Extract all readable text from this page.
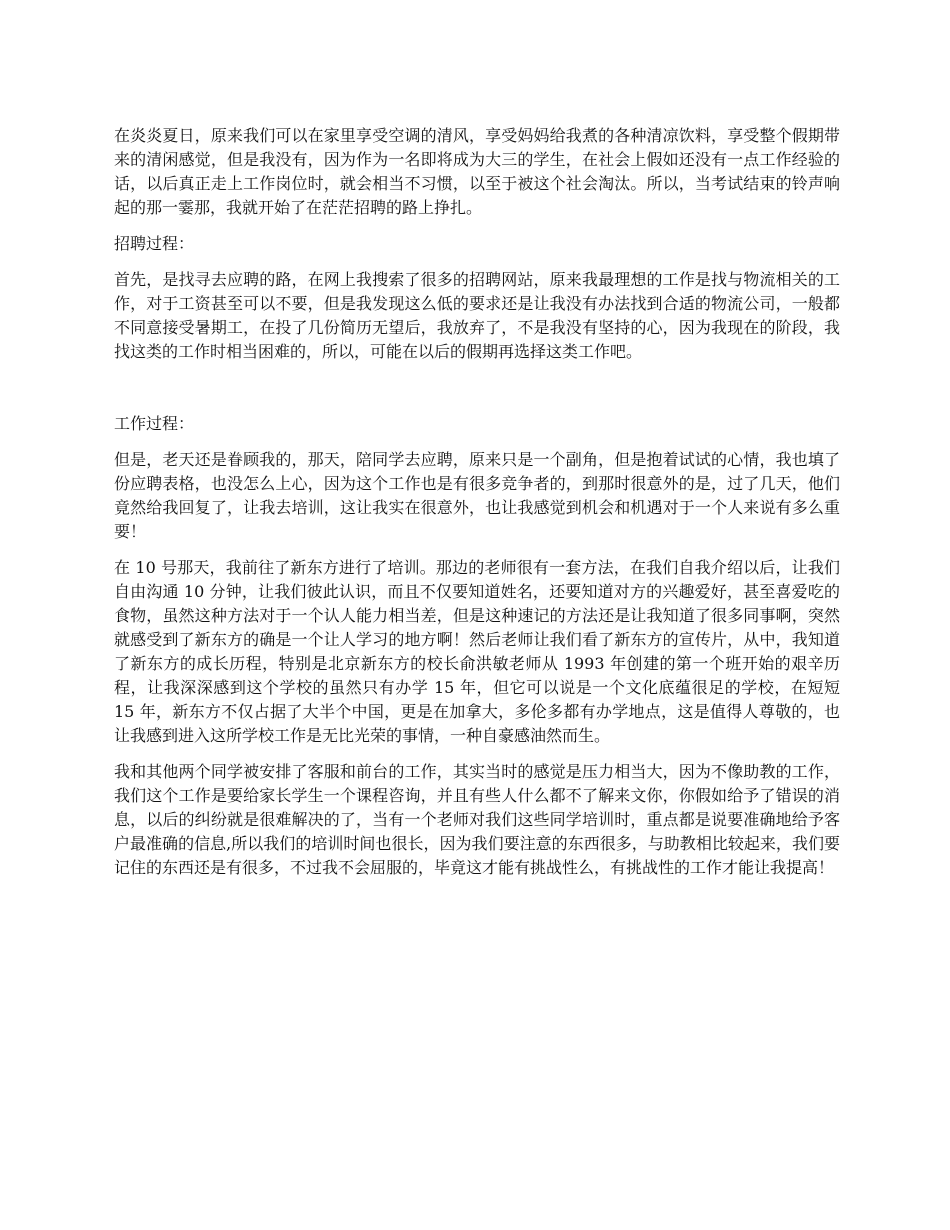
在炎炎夏日，原来我们可以在家里享受空调的清风，享受妈妈给我煮的各种清凉饮料，享受整个假期带来的清闲感觉，但是我没有，因为作为一名即将成为大三的学生，在社会上假如还没有一点工作经验的话，以后真正走上工作岗位时，就会相当不习惯，以至于被这个社会淘汰。所以，当考试结束的铃声响起的那一霎那，我就开始了在茫茫招聘的路上挣扎。

招聘过程：

首先，是找寻去应聘的路，在网上我搜索了很多的招聘网站，原来我最理想的工作是找与物流相关的工作，对于工资甚至可以不要，但是我发现这么低的要求还是让我没有办法找到合适的物流公司，一般都不同意接受暑期工，在投了几份简历无望后，我放弃了，不是我没有坚持的心，因为我现在的阶段，我找这类的工作时相当困难的，所以，可能在以后的假期再选择这类工作吧。

工作过程：

但是，老天还是眷顾我的，那天，陪同学去应聘，原来只是一个副角，但是抱着试试的心情，我也填了份应聘表格，也没怎么上心，因为这个工作也是有很多竞争者的，到那时很意外的是，过了几天，他们竟然给我回复了，让我去培训，这让我实在很意外，也让我感觉到机会和机遇对于一个人来说有多么重要！

在 10 号那天，我前往了新东方进行了培训。那边的老师很有一套方法，在我们自我介绍以后，让我们自由沟通 10 分钟，让我们彼此认识，而且不仅要知道姓名，还要知道对方的兴趣爱好，甚至喜爱吃的食物，虽然这种方法对于一个认人能力相当差，但是这种速记的方法还是让我知道了很多同事啊，突然就感受到了新东方的确是一个让人学习的地方啊！然后老师让我们看了新东方的宣传片，从中，我知道了新东方的成长历程，特别是北京新东方的校长俞洪敏老师从 1993 年创建的第一个班开始的艰辛历程，让我深深感到这个学校的虽然只有办学 15 年，但它可以说是一个文化底蕴很足的学校，在短短 15 年，新东方不仅占据了大半个中国，更是在加拿大，多伦多都有办学地点，这是值得人尊敬的，也让我感到进入这所学校工作是无比光荣的事情，一种自豪感油然而生。

我和其他两个同学被安排了客服和前台的工作，其实当时的感觉是压力相当大，因为不像助教的工作，我们这个工作是要给家长学生一个课程咨询，并且有些人什么都不了解来文你，你假如给予了错误的消息，以后的纠纷就是很难解决的了，当有一个老师对我们这些同学培训时，重点都是说要准确地给予客户最准确的信息,所以我们的培训时间也很长，因为我们要注意的东西很多，与助教相比较起来，我们要记住的东西还是有很多，不过我不会屈服的，毕竟这才能有挑战性么，有挑战性的工作才能让我提高！
